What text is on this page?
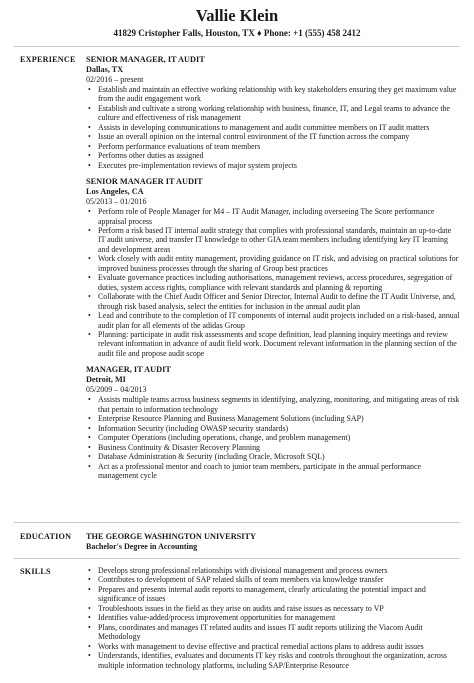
Vallie Klein
41829 Cristopher Falls, Houston, TX ♦ Phone: +1 (555) 458 2412
EXPERIENCE SENIOR MANAGER, IT AUDIT
Dallas, TX
02/2016 – present
• Establish and maintain an effective working relationship with key stakeholders ensuring they get maximum value from the audit engagement work
• Establish and cultivate a strong working relationship with business, finance, IT, and Legal teams to advance the culture and effectiveness of risk management
• Assists in developing communications to management and audit committee members on IT audit matters
• Issue an overall opinion on the internal control environment of the IT function across the company
• Perform performance evaluations of team members
• Performs other duties as assigned
• Executes pre-implementation reviews of major system projects
SENIOR MANAGER IT AUDIT
Los Angeles, CA
05/2013 – 01/2016
• Perform role of People Manager for M4 – IT Audit Manager, including overseeing The Score performance appraisal process
• Perform a risk based IT internal audit strategy that complies with professional standards, maintain an up-to-date IT audit universe, and transfer IT knowledge to other GIA team members including identifying key IT learning and development areas
• Work closely with audit entity management, providing guidance on IT risk, and advising on practical solutions for improved business processes through the sharing of Group best practices
• Evaluate governance practices including authorisations, management reviews, access procedures, segregation of duties, system access rights, compliance with relevant standards and planning & reporting
• Collaborate with the Chief Audit Officer and Senior Director, Internal Audit to define the IT Audit Universe, and, through risk based analysis, select the entities for inclusion in the annual audit plan
• Lead and contribute to the completion of IT components of internal audit projects included on a risk-based, annual audit plan for all elements of the adidas Group
• Planning: participate in audit risk assessments and scope definition, lead planning inquiry meetings and review relevant information in advance of audit field work. Document relevant information in the planning section of the audit file and propose audit scope
MANAGER, IT AUDIT
Detroit, MI
05/2009 – 04/2013
• Assists multiple teams across business segments in identifying, analyzing, monitoring, and mitigating areas of risk that pertain to information technology
• Enterprise Resource Planning and Business Management Solutions (including SAP)
• Information Security (including OWASP security standards)
• Computer Operations (including operations, change, and problem management)
• Business Continuity & Disaster Recovery Planning
• Database Administration & Security (including Oracle, Microsoft SQL)
• Act as a professional mentor and coach to junior team members, participate in the annual performance management cycle
EDUCATION THE GEORGE WASHINGTON UNIVERSITY
Bachelor's Degree in Accounting
SKILLS	• Develops strong professional relationships with divisional management and process owners
• Contributes to development of SAP related skills of team members via knowledge transfer
• Prepares and presents internal audit reports to management, clearly articulating the potential impact and significance of issues
• Troubleshoots issues in the field as they arise on audits and raise issues as necessary to VP
• Identifies value-added/process improvement opportunities for management
• Plans, coordinates and manages IT related audits and issues IT audit reports utilizing the Viacom Audit Methodology
• Works with management to devise effective and practical remedial actions plans to address audit issues
• Understands, identifies, evaluates and documents IT key risks and controls throughout the organization, across multiple information technology platforms, including SAP/Enterprise Resource
